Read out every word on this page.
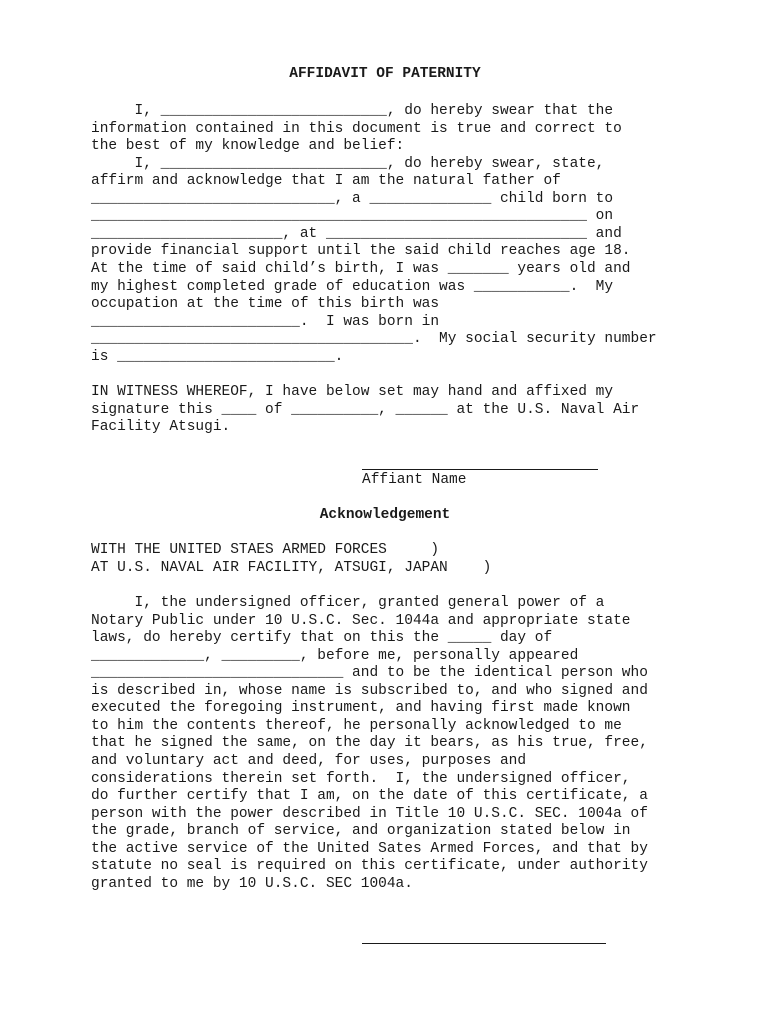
AFFIDAVIT OF PATERNITY
I, __________________________, do hereby swear that the
information contained in this document is true and correct to
the best of my knowledge and belief:
I, __________________________, do hereby swear, state,
affirm and acknowledge that I am the natural father of
____________________________, a ______________ child born to
_________________________________________________________ on
______________________, at ______________________________ and
provide financial support until the said child reaches age 18.
At the time of said child’s birth, I was _______ years old and
my highest completed grade of education was ___________.  My
occupation at the time of this birth was
________________________.  I was born in
_____________________________________.  My social security number
is _________________________.
IN WITNESS WHEREOF, I have below set may hand and affixed my
signature this ____ of __________, ______ at the U.S. Naval Air
Facility Atsugi.
Affiant Name
Acknowledgement
WITH THE UNITED STAES ARMED FORCES     )
AT U.S. NAVAL AIR FACILITY, ATSUGI, JAPAN    )
I, the undersigned officer, granted general power of a
Notary Public under 10 U.S.C. Sec. 1044a and appropriate state
laws, do hereby certify that on this the _____ day of
_____________, _________, before me, personally appeared
_____________________________ and to be the identical person who
is described in, whose name is subscribed to, and who signed and
executed the foregoing instrument, and having first made known
to him the contents thereof, he personally acknowledged to me
that he signed the same, on the day it bears, as his true, free,
and voluntary act and deed, for uses, purposes and
considerations therein set forth.  I, the undersigned officer,
do further certify that I am, on the date of this certificate, a
person with the power described in Title 10 U.S.C. SEC. 1004a of
the grade, branch of service, and organization stated below in
the active service of the United Sates Armed Forces, and that by
statute no seal is required on this certificate, under authority
granted to me by 10 U.S.C. SEC 1004a.
